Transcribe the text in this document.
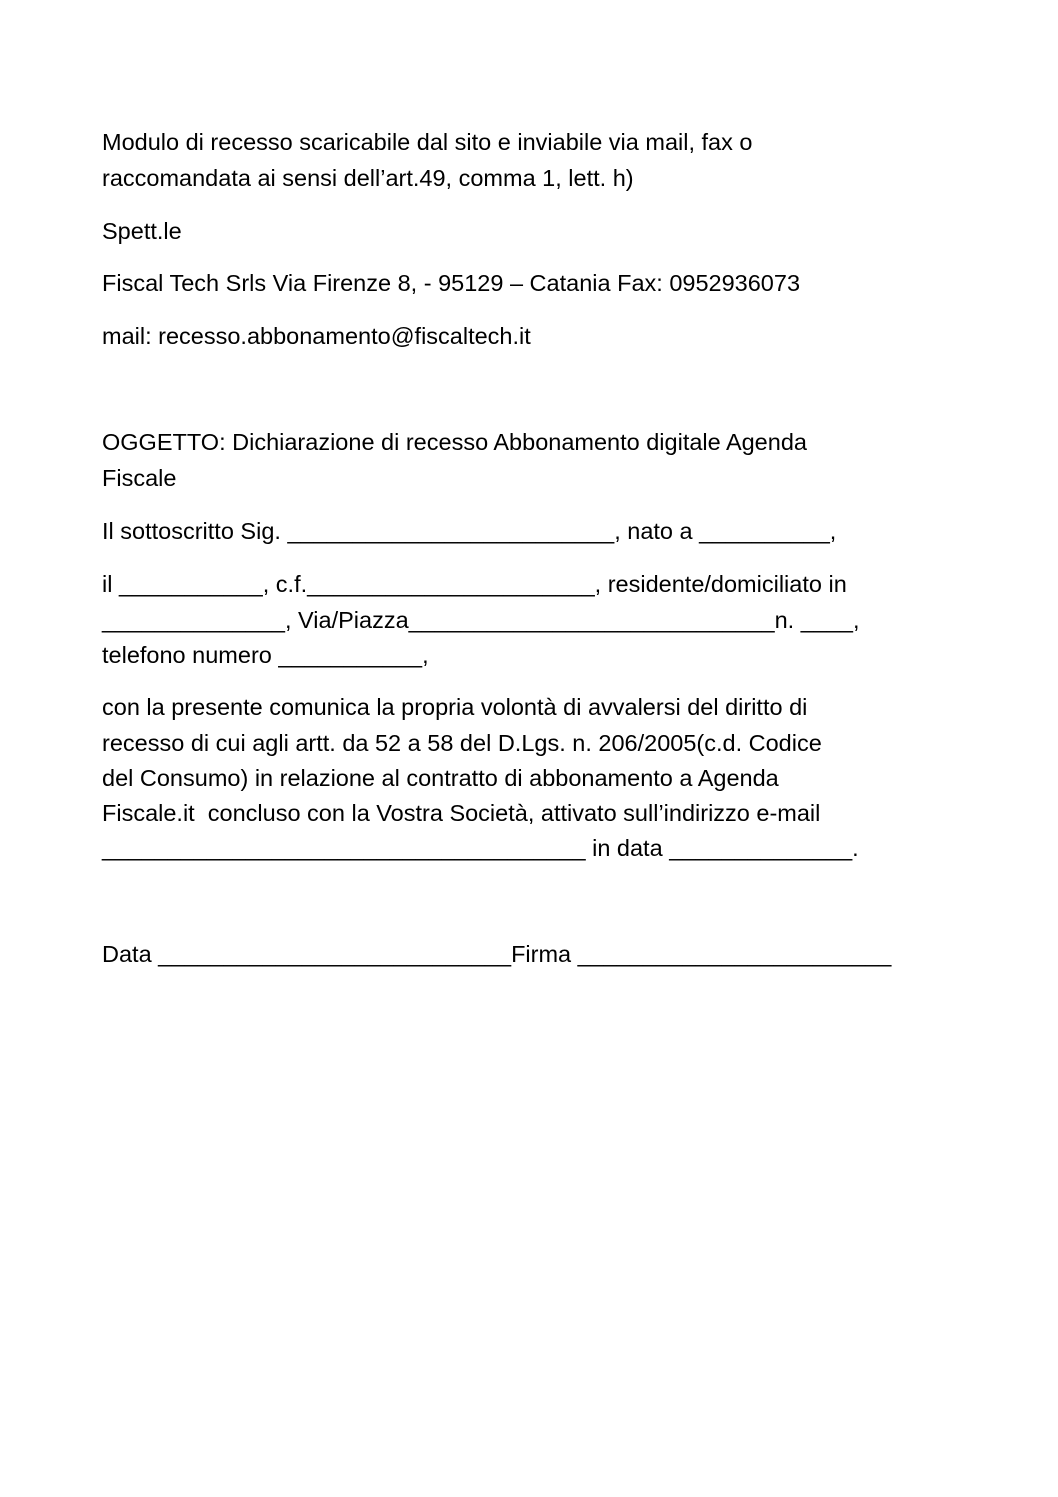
Modulo di recesso scaricabile dal sito e inviabile via mail, fax o
raccomandata ai sensi dell’art.49, comma 1, lett. h)
Spett.le
Fiscal Tech Srls Via Firenze 8, - 95129 – Catania Fax: 0952936073
mail: recesso.abbonamento@fiscaltech.it
OGGETTO: Dichiarazione di recesso Abbonamento digitale Agenda
Fiscale
Il sottoscritto Sig. _________________________, nato a __________,
il ___________, c.f.______________________, residente/domiciliato in
______________, Via/Piazza____________________________n. ____,
telefono numero ___________,
con la presente comunica la propria volontà di avvalersi del diritto di
recesso di cui agli artt. da 52 a 58 del D.Lgs. n. 206/2005(c.d. Codice
del Consumo) in relazione al contratto di abbonamento a Agenda
Fiscale.it  concluso con la Vostra Società, attivato sull’indirizzo e-mail
_____________________________________ in data ______________.
Data ___________________________Firma ________________________
